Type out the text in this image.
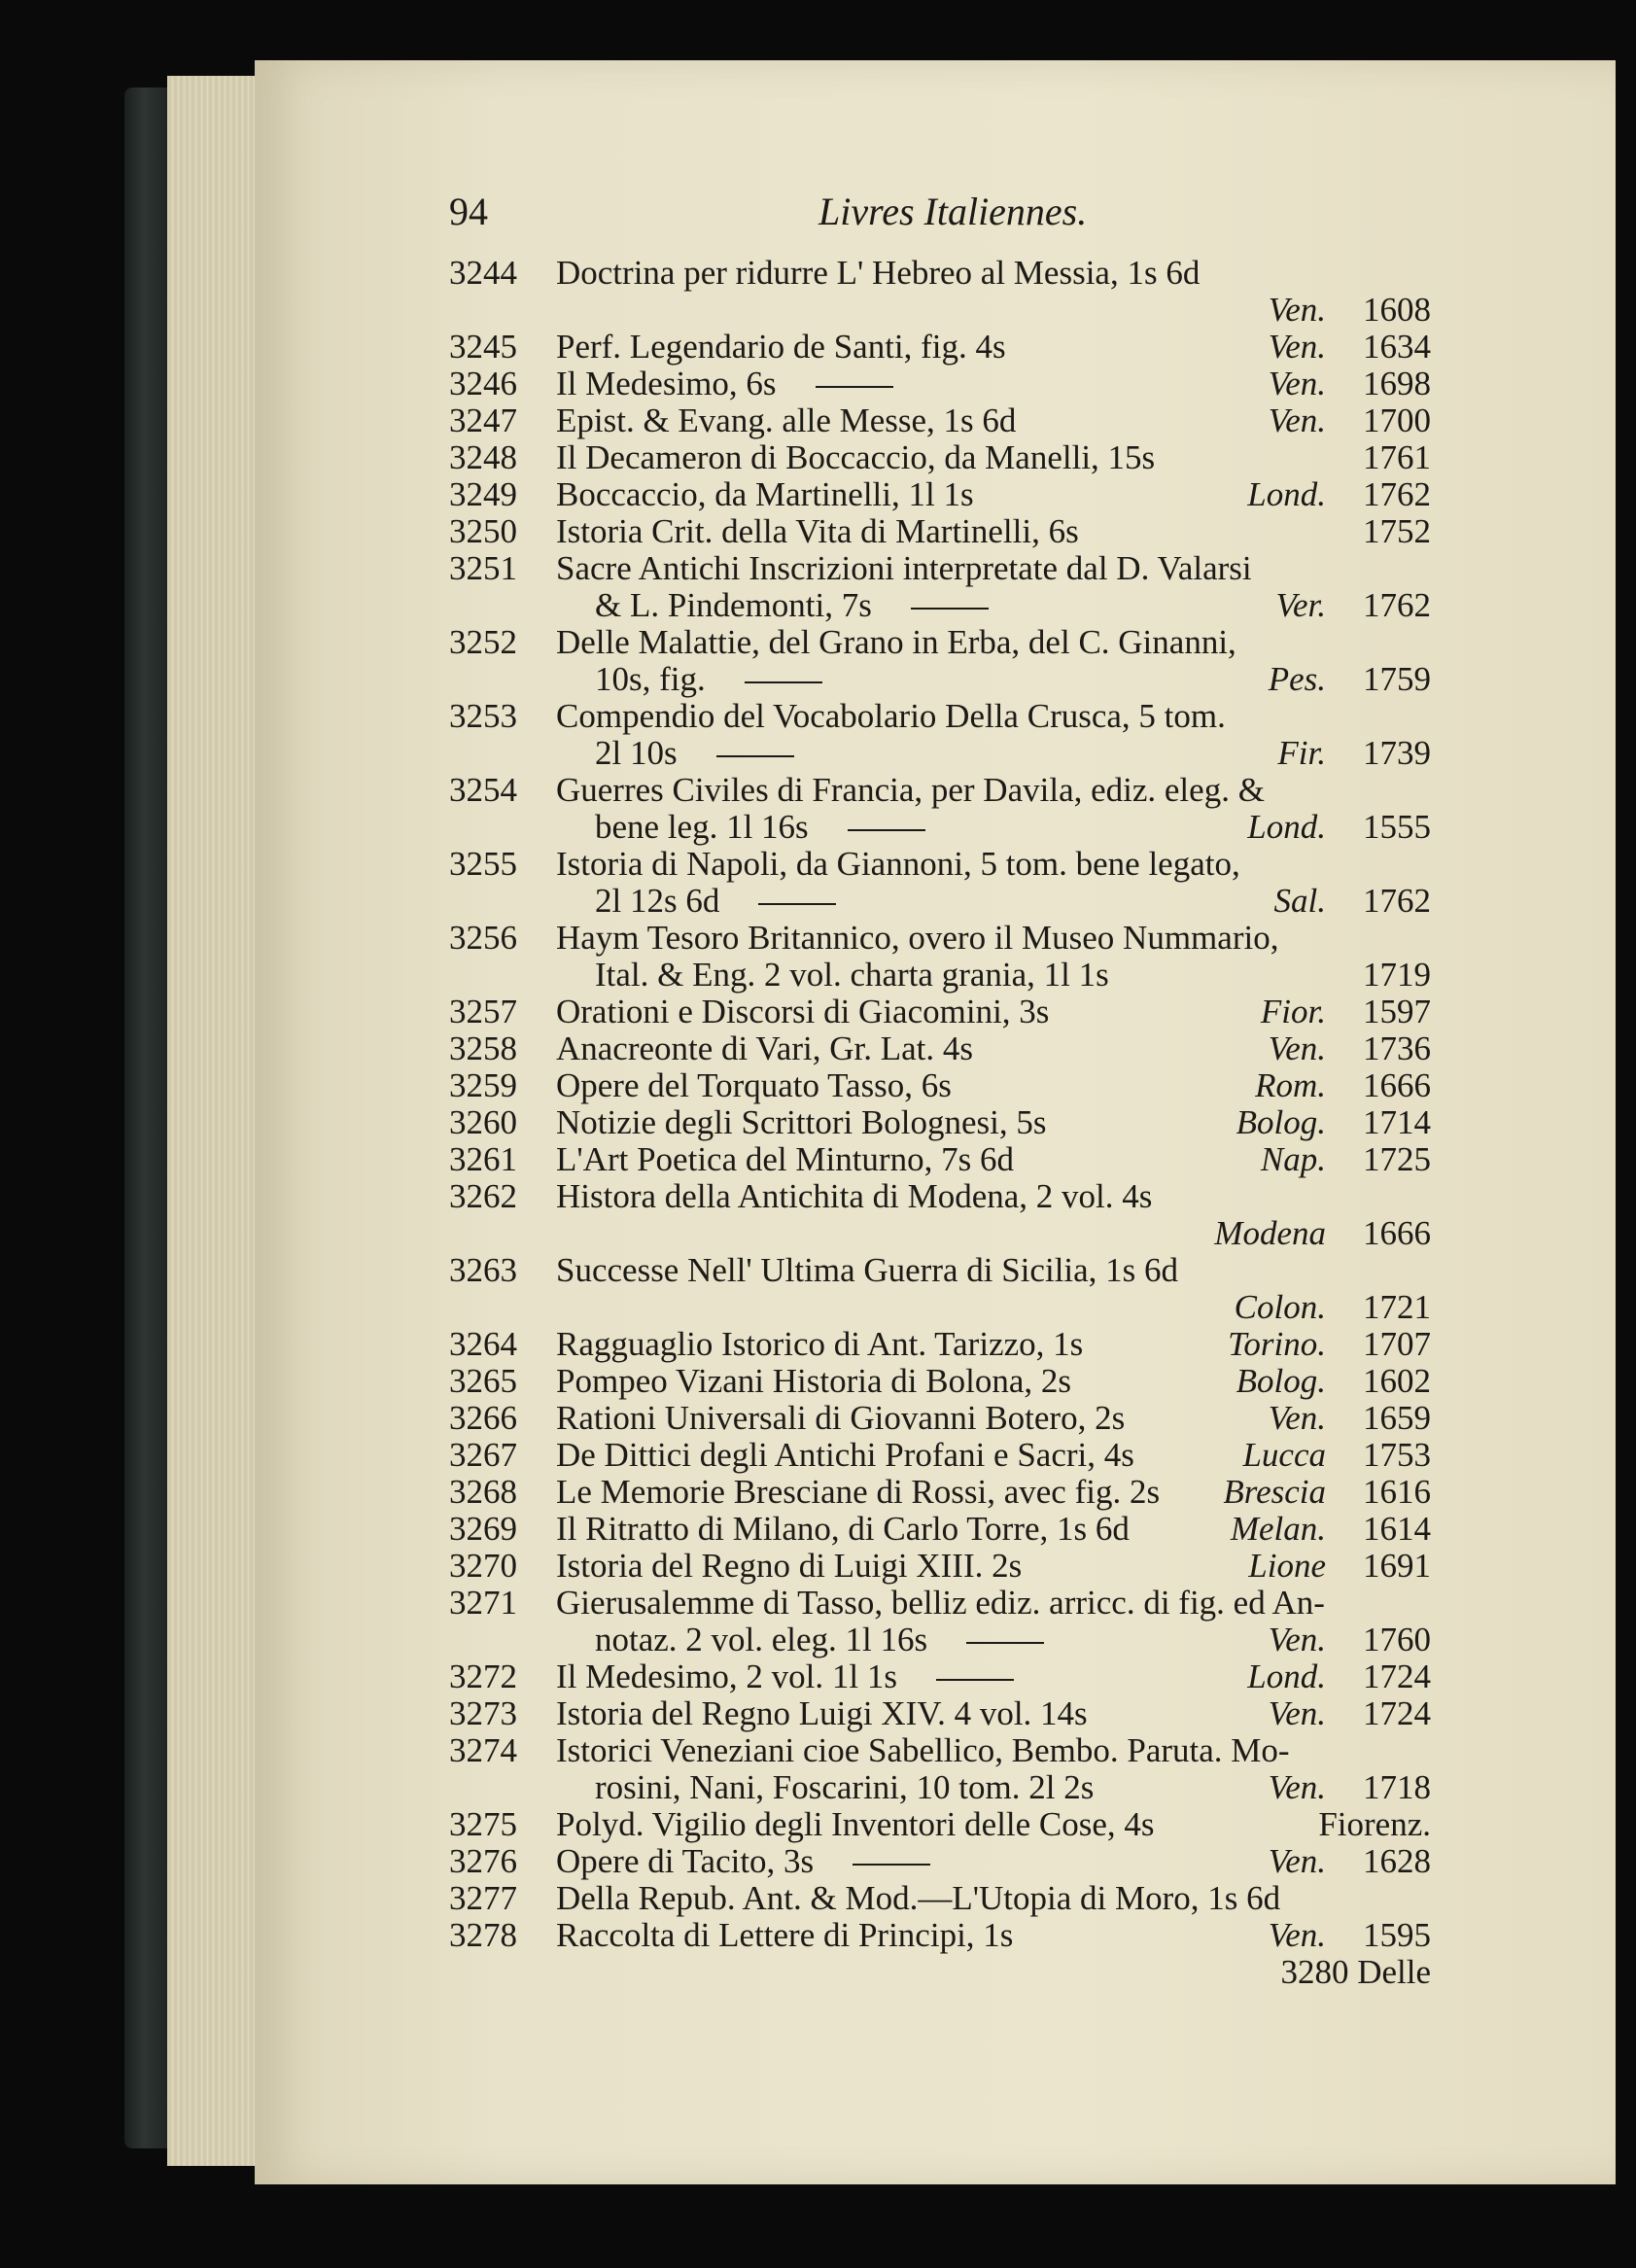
94	Livres Italiennes.
3244	Doctrina per ridurre L' Hebreo al Messia, 1s 6d
Ven. 1608
3245	Perf. Legendario de Santi, fig. 4s	Ven. 1634
3246	Il Medesimo, 6s	Ven. 1698
3247	Epist. & Evang. alle Messe, 1s 6d	Ven. 1700
3248	Il Decameron di Boccaccio, da Manelli, 15s	1761
3249	Boccaccio, da Martinelli, 1l 1s	Lond. 1762
3250	Istoria Crit. della Vita di Martinelli, 6s	1752
3251	Sacre Antichi Inscrizioni interpretate dal D. Valarsi
& L. Pindemonti, 7s	Ver. 1762
3252	Delle Malattie, del Grano in Erba, del C. Ginanni,
10s, fig.	Pes. 1759
3253	Compendio del Vocabolario Della Crusca, 5 tom.
2l 10s	Fir. 1739
3254	Guerres Civiles di Francia, per Davila, ediz. eleg. &
bene leg. 1l 16s	Lond. 1555
3255	Istoria di Napoli, da Giannoni, 5 tom. bene legato,
2l 12s 6d	Sal. 1762
3256	Haym Tesoro Britannico, overo il Museo Nummario,
Ital. & Eng. 2 vol. charta grania, 1l 1s	1719
3257	Orationi e Discorsi di Giacomini, 3s	Fior. 1597
3258	Anacreonte di Vari, Gr. Lat. 4s	Ven. 1736
3259	Opere del Torquato Tasso, 6s	Rom. 1666
3260	Notizie degli Scrittori Bolognesi, 5s	Bolog. 1714
3261	L'Art Poetica del Minturno, 7s 6d	Nap. 1725
3262	Histora della Antichita di Modena, 2 vol. 4s
Modena 1666
3263	Successe Nell' Ultima Guerra di Sicilia, 1s 6d
Colon. 1721
3264	Ragguaglio Istorico di Ant. Tarizzo, 1s	Torino. 1707
3265	Pompeo Vizani Historia di Bolona, 2s	Bolog. 1602
3266	Rationi Universali di Giovanni Botero, 2s	Ven. 1659
3267	De Dittici degli Antichi Profani e Sacri, 4s	Lucca 1753
3268	Le Memorie Bresciane di Rossi, avec fig. 2s Brescia 1616
3269	Il Ritratto di Milano, di Carlo Torre, 1s 6d	Melan. 1614
3270	Istoria del Regno di Luigi XIII. 2s	Lione 1691
3271	Gierusalemme di Tasso, belliz ediz. arricc. di fig. ed An-
notaz. 2 vol. eleg. 1l 16s	Ven. 1760
3272	Il Medesimo, 2 vol. 1l 1s	Lond. 1724
3273	Istoria del Regno Luigi XIV. 4 vol. 14s	Ven. 1724
3274	Istorici Veneziani cioe Sabellico, Bembo. Paruta. Mo-
rosini, Nani, Foscarini, 10 tom. 2l 2s	Ven. 1718
3275	Polyd. Vigilio degli Inventori delle Cose, 4s	Fiorenz.
3276	Opere di Tacito, 3s	Ven. 1628
3277	Della Repub. Ant. & Mod.—L'Utopia di Moro, 1s 6d
3278	Raccolta di Lettere di Principi, 1s	Ven. 1595
3280 Delle
